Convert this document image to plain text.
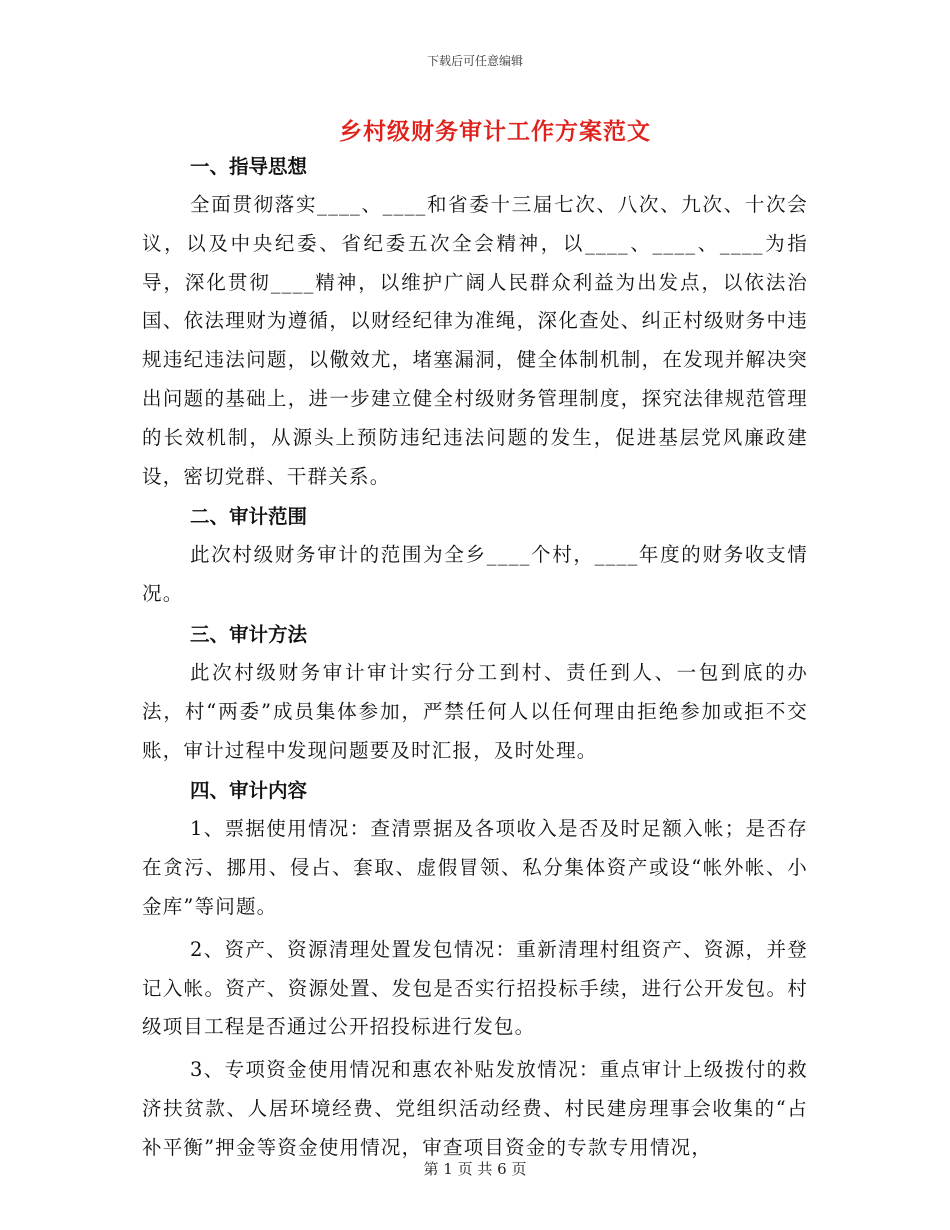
下载后可任意编辑
乡村级财务审计工作方案范文

一、指导思想

全面贯彻落实____、____和省委十三届七次、八次、九次、十次会议，以及中央纪委、省纪委五次全会精神，以____、____、____为指导，深化贯彻____精神，以维护广阔人民群众利益为出发点，以依法治国、依法理财为遵循，以财经纪律为准绳，深化查处、纠正村级财务中违规违纪违法问题，以儆效尤，堵塞漏洞，健全体制机制，在发现并解决突出问题的基础上，进一步建立健全村级财务管理制度，探究法律规范管理的长效机制，从源头上预防违纪违法问题的发生，促进基层党风廉政建设，密切党群、干群关系。

二、审计范围

此次村级财务审计的范围为全乡____个村，____年度的财务收支情况。

三、审计方法

此次村级财务审计审计实行分工到村、责任到人、一包到底的办法，村“两委”成员集体参加，严禁任何人以任何理由拒绝参加或拒不交账，审计过程中发现问题要及时汇报，及时处理。

四、审计内容

1、票据使用情况：查清票据及各项收入是否及时足额入帐；是否存在贪污、挪用、侵占、套取、虚假冒领、私分集体资产或设“帐外帐、小金库”等问题。

2、资产、资源清理处置发包情况：重新清理村组资产、资源，并登记入帐。资产、资源处置、发包是否实行招投标手续，进行公开发包。村级项目工程是否通过公开招投标进行发包。

3、专项资金使用情况和惠农补贴发放情况：重点审计上级拨付的救济扶贫款、人居环境经费、党组织活动经费、村民建房理事会收集的“占补平衡”押金等资金使用情况，审查项目资金的专款专用情况，

第 1 页 共 6 页
